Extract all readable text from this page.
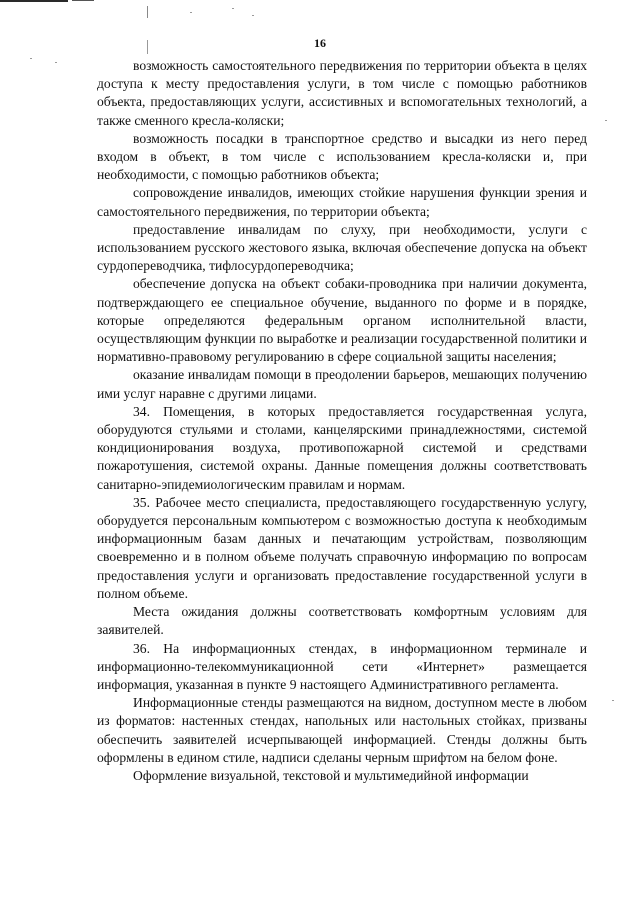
16

возможность самостоятельного передвижения по территории объекта в целях доступа к месту предоставления услуги, в том числе с помощью работников объекта, предоставляющих услуги, ассистивных и вспомогательных технологий, а также сменного кресла-коляски;

возможность посадки в транспортное средство и высадки из него перед входом в объект, в том числе с использованием кресла-коляски и, при необходимости, с помощью работников объекта;

сопровождение инвалидов, имеющих стойкие нарушения функции зрения и самостоятельного передвижения, по территории объекта;

предоставление инвалидам по слуху, при необходимости, услуги с использованием русского жестового языка, включая обеспечение допуска на объект сурдопереводчика, тифлосурдопереводчика;

обеспечение допуска на объект собаки-проводника при наличии документа, подтверждающего ее специальное обучение, выданного по форме и в порядке, которые определяются федеральным органом исполнительной власти, осуществляющим функции по выработке и реализации государственной политики и нормативно-правовому регулированию в сфере социальной защиты населения;

оказание инвалидам помощи в преодолении барьеров, мешающих получению ими услуг наравне с другими лицами.

34. Помещения, в которых предоставляется государственная услуга, оборудуются стульями и столами, канцелярскими принадлежностями, системой кондиционирования воздуха, противопожарной системой и средствами пожаротушения, системой охраны. Данные помещения должны соответствовать санитарно-эпидемиологическим правилам и нормам.

35. Рабочее место специалиста, предоставляющего государственную услугу, оборудуется персональным компьютером с возможностью доступа к необходимым информационным базам данных и печатающим устройствам, позволяющим своевременно и в полном объеме получать справочную информацию по вопросам предоставления услуги и организовать предоставление государственной услуги в полном объеме.

Места ожидания должны соответствовать комфортным условиям для заявителей.

36. На информационных стендах, в информационном терминале и информационно-телекоммуникационной сети «Интернет» размещается информация, указанная в пункте 9 настоящего Административного регламента.

Информационные стенды размещаются на видном, доступном месте в любом из форматов: настенных стендах, напольных или настольных стойках, призваны обеспечить заявителей исчерпывающей информацией. Стенды должны быть оформлены в едином стиле, надписи сделаны черным шрифтом на белом фоне.

Оформление визуальной, текстовой и мультимедийной информации
